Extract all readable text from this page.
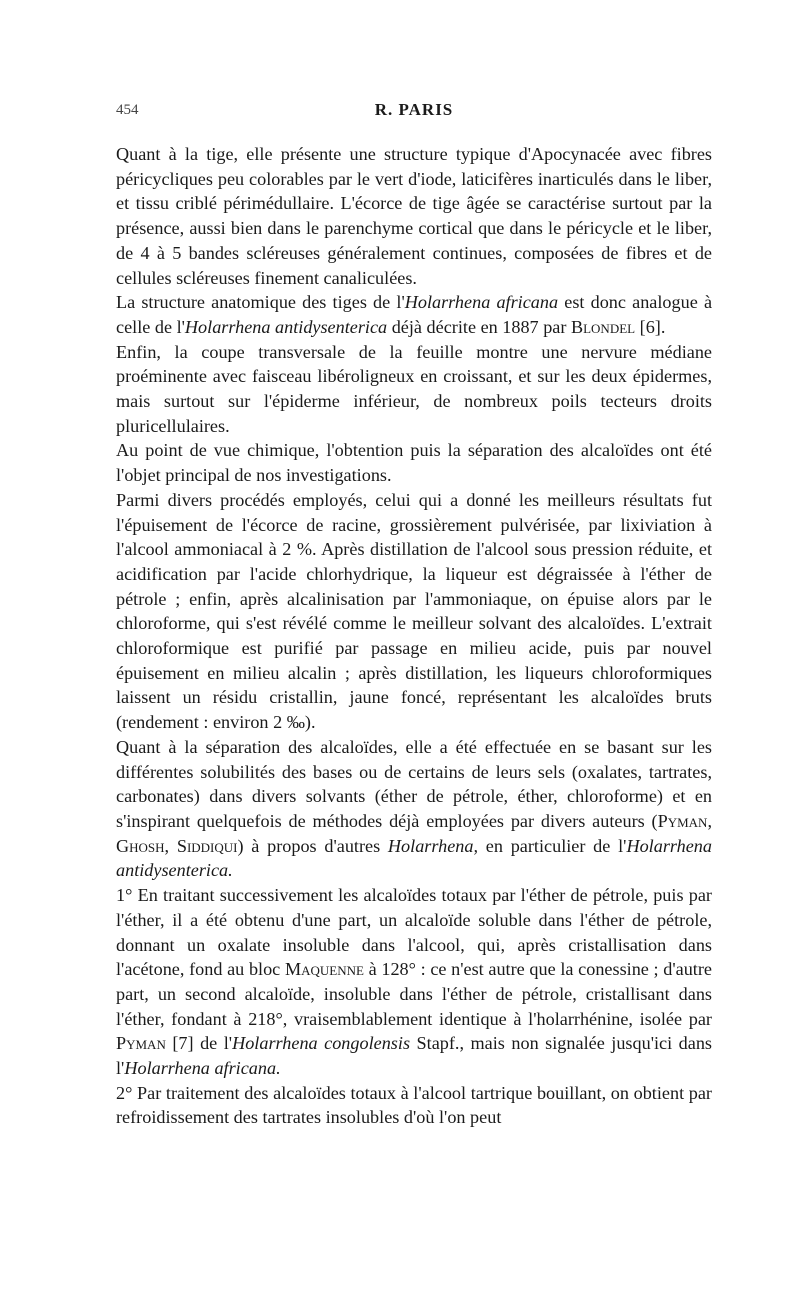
454	R. PARIS

Quant à la tige, elle présente une structure typique d'Apocynacée avec fibres péricycliques peu colorables par le vert d'iode, laticifères inarticulés dans le liber, et tissu criblé périmédullaire. L'écorce de tige âgée se caractérise surtout par la présence, aussi bien dans le parenchyme cortical que dans le péricycle et le liber, de 4 à 5 bandes scléreuses généralement continues, composées de fibres et de cellules scléreuses finement canaliculées.

La structure anatomique des tiges de l'Holarrhena africana est donc analogue à celle de l'Holarrhena antidysenterica déjà décrite en 1887 par Blondel [6].

Enfin, la coupe transversale de la feuille montre une nervure médiane proéminente avec faisceau libéroligneux en croissant, et sur les deux épidermes, mais surtout sur l'épiderme inférieur, de nombreux poils tecteurs droits pluricellulaires.

Au point de vue chimique, l'obtention puis la séparation des alcaloïdes ont été l'objet principal de nos investigations.

Parmi divers procédés employés, celui qui a donné les meilleurs résultats fut l'épuisement de l'écorce de racine, grossièrement pulvérisée, par lixiviation à l'alcool ammoniacal à 2 %. Après distillation de l'alcool sous pression réduite, et acidification par l'acide chlorhydrique, la liqueur est dégraissée à l'éther de pétrole ; enfin, après alcalinisation par l'ammoniaque, on épuise alors par le chloroforme, qui s'est révélé comme le meilleur solvant des alcaloïdes. L'extrait chloroformique est purifié par passage en milieu acide, puis par nouvel épuisement en milieu alcalin ; après distillation, les liqueurs chloroformiques laissent un résidu cristallin, jaune foncé, représentant les alcaloïdes bruts (rendement : environ 2 ‰).

Quant à la séparation des alcaloïdes, elle a été effectuée en se basant sur les différentes solubilités des bases ou de certains de leurs sels (oxalates, tartrates, carbonates) dans divers solvants (éther de pétrole, éther, chloroforme) et en s'inspirant quelquefois de méthodes déjà employées par divers auteurs (Pyman, Ghosh, Siddiqui) à propos d'autres Holarrhena, en particulier de l'Holarrhena antidysenterica.

1° En traitant successivement les alcaloïdes totaux par l'éther de pétrole, puis par l'éther, il a été obtenu d'une part, un alcaloïde soluble dans l'éther de pétrole, donnant un oxalate insoluble dans l'alcool, qui, après cristallisation dans l'acétone, fond au bloc Maquenne à 128° : ce n'est autre que la conessine ; d'autre part, un second alcaloïde, insoluble dans l'éther de pétrole, cristallisant dans l'éther, fondant à 218°, vraisemblablement identique à l'holarrhénine, isolée par Pyman [7] de l'Holarrhena congolensis Stapf., mais non signalée jusqu'ici dans l'Holarrhena africana.

2° Par traitement des alcaloïdes totaux à l'alcool tartrique bouillant, on obtient par refroidissement des tartrates insolubles d'où l'on peut
